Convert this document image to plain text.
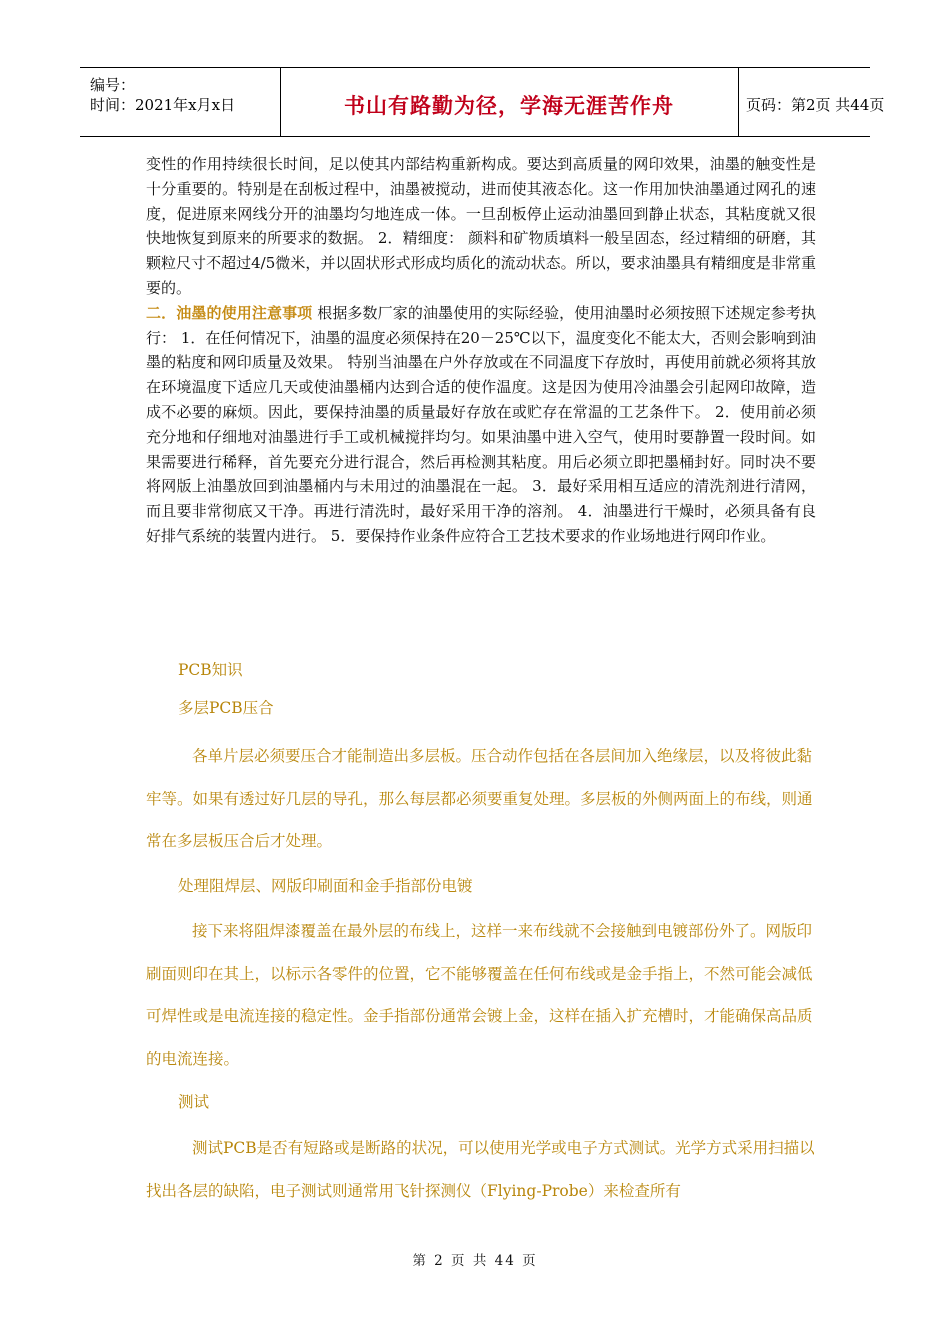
编号：
时间：2021年x月x日	书山有路勤为径，学海无涯苦作舟	页码：第2页 共44页

变性的作用持续很长时间，足以使其内部结构重新构成。要达到高质量的网印效果，油墨的触变性是十分重要的。特别是在刮板过程中，油墨被搅动，进而使其液态化。这一作用加快油墨通过网孔的速度，促进原来网线分开的油墨均匀地连成一体。一旦刮板停止运动油墨回到静止状态，其粘度就又很快地恢复到原来的所要求的数据。 2．精细度： 颜料和矿物质填料一般呈固态，经过精细的研磨，其颗粒尺寸不超过4/5微米，并以固状形式形成均质化的流动状态。所以，要求油墨具有精细度是非常重要的。

二．油墨的使用注意事项 根据多数厂家的油墨使用的实际经验，使用油墨时必须按照下述规定参考执行： 1．在任何情况下，油墨的温度必须保持在20－25℃以下，温度变化不能太大，否则会影响到油墨的粘度和网印质量及效果。 特别当油墨在户外存放或在不同温度下存放时，再使用前就必须将其放在环境温度下适应几天或使油墨桶内达到合适的使作温度。这是因为使用冷油墨会引起网印故障，造成不必要的麻烦。因此，要保持油墨的质量最好存放在或贮存在常温的工艺条件下。 2．使用前必须充分地和仔细地对油墨进行手工或机械搅拌均匀。如果油墨中进入空气，使用时要静置一段时间。如果需要进行稀释，首先要充分进行混合，然后再检测其粘度。用后必须立即把墨桶封好。同时决不要将网版上油墨放回到油墨桶内与未用过的油墨混在一起。 3．最好采用相互适应的清洗剂进行清网，而且要非常彻底又干净。再进行清洗时，最好采用干净的溶剂。 4．油墨进行干燥时，必须具备有良好排气系统的装置内进行。 5．要保持作业条件应符合工艺技术要求的作业场地进行网印作业。

PCB知识
多层PCB压合

各单片层必须要压合才能制造出多层板。压合动作包括在各层间加入绝缘层，以及将彼此黏牢等。如果有透过好几层的导孔，那么每层都必须要重复处理。多层板的外侧两面上的布线，则通常在多层板压合后才处理。

处理阻焊层、网版印刷面和金手指部份电镀

接下来将阻焊漆覆盖在最外层的布线上，这样一来布线就不会接触到电镀部份外了。网版印刷面则印在其上，以标示各零件的位置，它不能够覆盖在任何布线或是金手指上，不然可能会减低可焊性或是电流连接的稳定性。金手指部份通常会镀上金，这样在插入扩充槽时，才能确保高品质的电流连接。

测试

测试PCB是否有短路或是断路的状况，可以使用光学或电子方式测试。光学方式采用扫描以找出各层的缺陷，电子测试则通常用飞针探测仪（Flying-Probe）来检查所有

第 2 页 共 44 页
